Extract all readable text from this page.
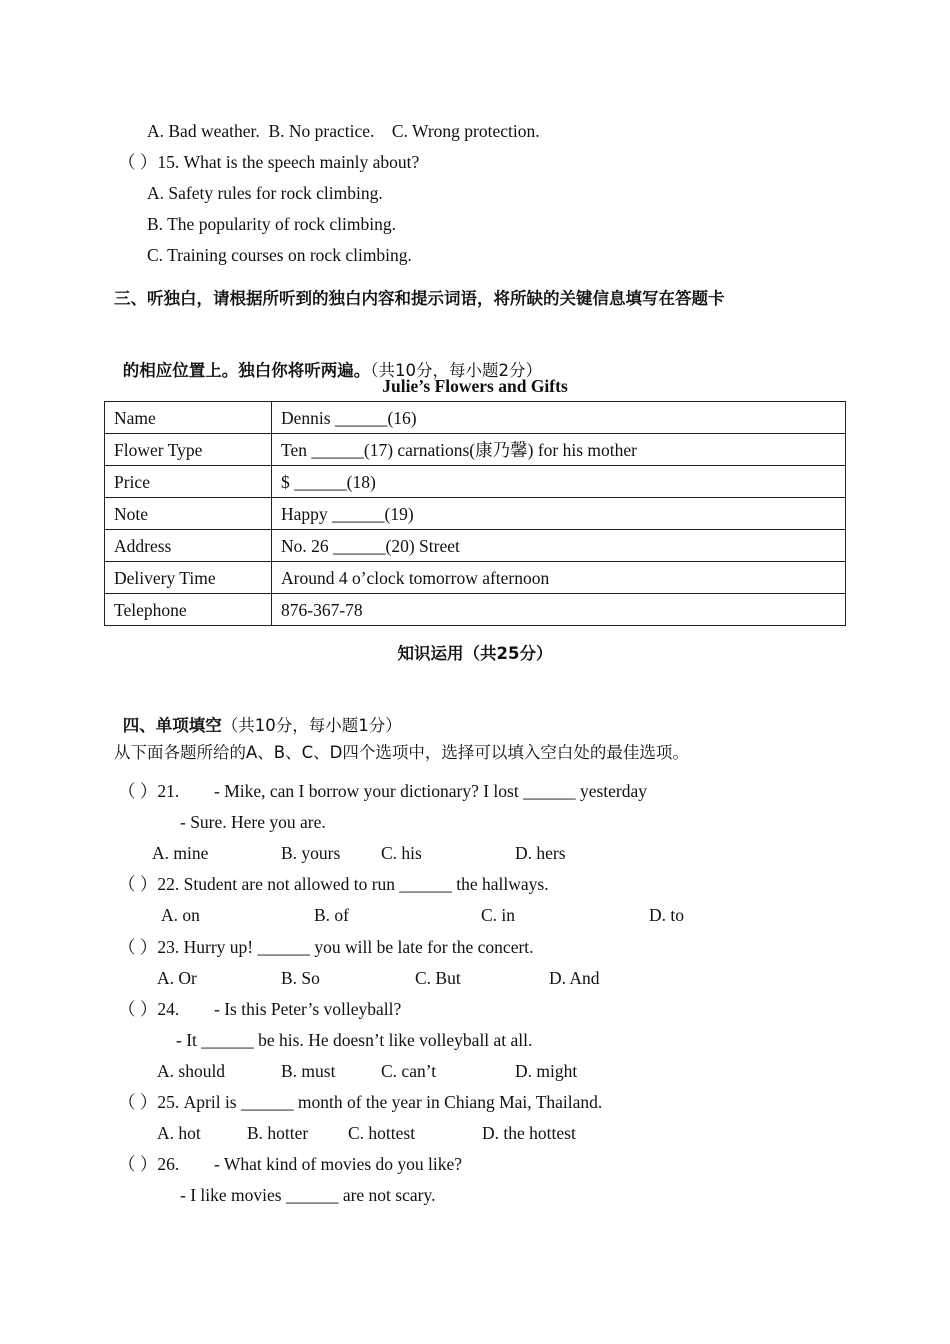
A. Bad weather.  B. No practice.    C. Wrong protection.
（ ）15. What is the speech mainly about?
A. Safety rules for rock climbing.
B. The popularity of rock climbing.
C. Training courses on rock climbing.
三、听独白，请根据所听到的独白内容和提示词语，将所缺的关键信息填写在答题卡

的相应位置上。独白你将听两遍。（共10分，每小题2分）

Julie’s Flowers and Gifts
Name	Dennis ______(16)
Flower Type	Ten ______(17) carnations(康乃馨) for his mother
Price	$ ______(18)
Note	Happy ______(19)
Address	No. 26 ______(20) Street
Delivery Time	Around 4 o’clock tomorrow afternoon
Telephone	876-367-78
知识运用（共25分）

四、单项填空（共10分，每小题1分）

从下面各题所给的A、B、C、D四个选项中，选择可以填入空白处的最佳选项。
（ ）21. - Mike, can I borrow your dictionary? I lost ______ yesterday
- Sure. Here you are.
A. mine	B. yours C. his	D. hers
（ ）22. Student are not allowed to run ______ the hallways.
A. on	B. of	C. in	D. to
（ ）23. Hurry up! ______ you will be late for the concert.
A. Or	B. So	C. But	D. And
（ ）24. - Is this Peter’s volleyball?
- It ______ be his. He doesn’t like volleyball at all.
A. should	B. must	C. can’t	D. might
（ ）25. April is ______ month of the year in Chiang Mai, Thailand.
A. hot	B. hotter C. hottest	D. the hottest
（ ）26. - What kind of movies do you like?
- I like movies ______ are not scary.
